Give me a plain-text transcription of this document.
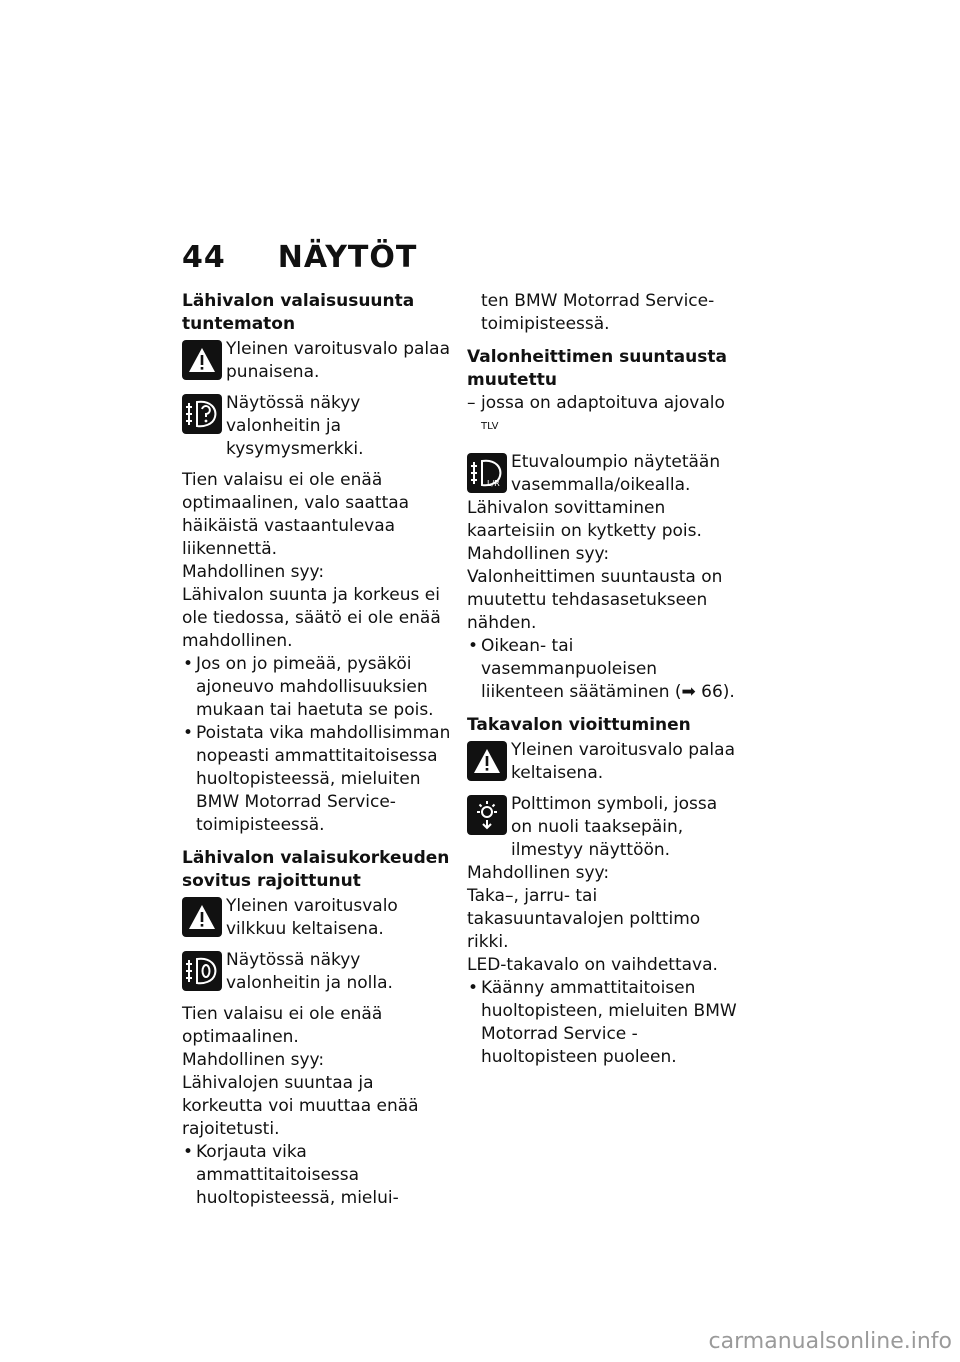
44 NÄYTÖT

Lähivalon valaisusuunta tuntematon

Yleinen varoitusvalo palaa punaisena.
Näytössä näkyy valonheitin ja kysymysmerkki.

Tien valaisu ei ole enää optimaalinen, valo saattaa häikäistä vastaantulevaa liikennettä.

Mahdollinen syy:

Lähivalon suunta ja korkeus ei ole tiedossa, säätö ei ole enää mahdollinen.

• Jos on jo pimeää, pysäköi ajoneuvo mahdollisuuksien mukaan tai haetuta se pois.
• Poistata vika mahdollisimman nopeasti ammattitaitoisessa huoltopisteessä, mieluiten BMW Motorrad Service-toimipisteessä.

Lähivalon valaisukorkeuden sovitus rajoittunut

Yleinen varoitusvalo vilkkuu keltaisena.
Näytössä näkyy valonheitin ja nolla.

Tien valaisu ei ole enää optimaalinen.

Mahdollinen syy:

Lähivalojen suuntaa ja korkeutta voi muuttaa enää rajoitetusti.

• Korjauta vika ammattitaitoisessa huoltopisteessä, mielui-

ten BMW Motorrad Service-toimipisteessä.

Valonheittimen suuntausta muutettu

– jossa on adaptoituva ajovalo $^{TLV}$
L/R
Etuvaloumpio näytetään vasemmalla/oikealla.

Lähivalon sovittaminen kaarteisiin on kytketty pois.

Mahdollinen syy:

Valonheittimen suuntausta on muutettu tehdasasetukseen nähden.

• Oikean- tai vasemmanpuoleisen liikenteen säätäminen (➡ 66).

Takavalon vioittuminen

Yleinen varoitusvalo palaa keltaisena.
Polttimon symboli, jossa on nuoli taaksepäin, ilmestyy näyttöön.

Mahdollinen syy:

Taka–, jarru- tai takasuuntavalojen polttimo rikki.

LED-takavalo on vaihdettava.

• Käänny ammattitaitoisen huoltopisteen, mieluiten BMW Motorrad Service -huoltopisteen puoleen.
carmanualsonline.info
